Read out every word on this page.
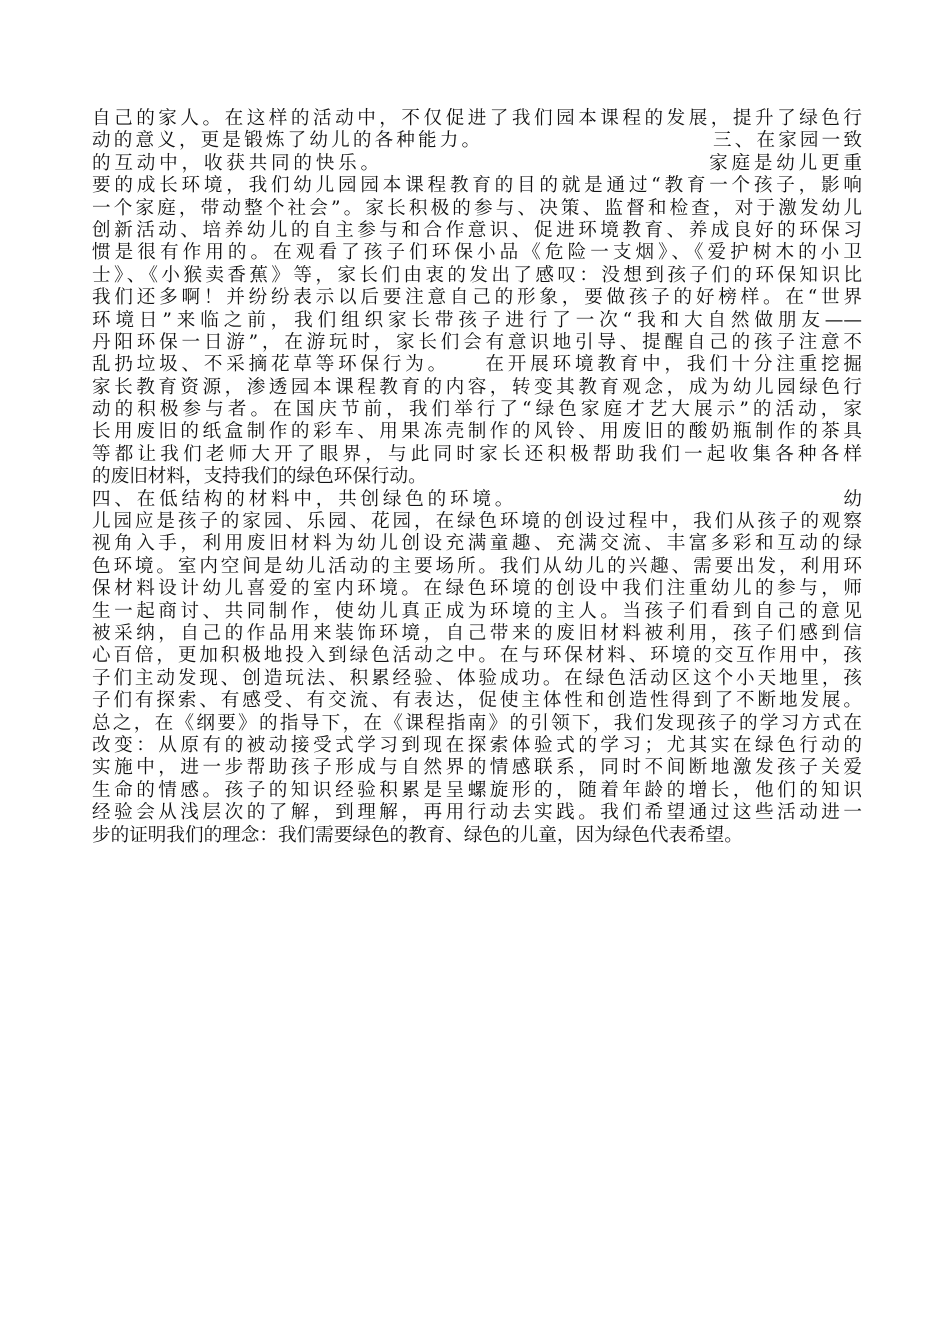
自己的家人。在这样的活动中，不仅促进了我们园本课程的发展，提升了绿色行
动的意义，更是锻炼了幼儿的各种能力。　　　　　　　　　　　三、在家园一致
的互动中，收获共同的快乐。　　　　　　　　　　　　　　　家庭是幼儿更重
要的成长环境，我们幼儿园园本课程教育的目的就是通过“教育一个孩子，影响
一个家庭，带动整个社会”。家长积极的参与、决策、监督和检查，对于激发幼儿
创新活动、培养幼儿的自主参与和合作意识、促进环境教育、养成良好的环保习
惯是很有作用的。在观看了孩子们环保小品《危险一支烟》、《爱护树木的小卫
士》、《小猴卖香蕉》等，家长们由衷的发出了感叹：没想到孩子们的环保知识比
我们还多啊！并纷纷表示以后要注意自己的形象，要做孩子的好榜样。在“世界
环境日”来临之前，我们组织家长带孩子进行了一次“我和大自然做朋友——
丹阳环保一日游”，在游玩时，家长们会有意识地引导、提醒自己的孩子注意不
乱扔垃圾、不采摘花草等环保行为。　　在开展环境教育中，我们十分注重挖掘
家长教育资源，渗透园本课程教育的内容，转变其教育观念，成为幼儿园绿色行
动的积极参与者。在国庆节前，我们举行了“绿色家庭才艺大展示”的活动，家
长用废旧的纸盒制作的彩车、用果冻壳制作的风铃、用废旧的酸奶瓶制作的茶具
等都让我们老师大开了眼界，与此同时家长还积极帮助我们一起收集各种各样
的废旧材料，支持我们的绿色环保行动。
四、在低结构的材料中，共创绿色的环境。　　　　　　　　　　　　　　　幼
儿园应是孩子的家园、乐园、花园，在绿色环境的创设过程中，我们从孩子的观察
视角入手，利用废旧材料为幼儿创设充满童趣、充满交流、丰富多彩和互动的绿
色环境。室内空间是幼儿活动的主要场所。我们从幼儿的兴趣、需要出发，利用环
保材料设计幼儿喜爱的室内环境。在绿色环境的创设中我们注重幼儿的参与，师
生一起商讨、共同制作，使幼儿真正成为环境的主人。当孩子们看到自己的意见
被采纳，自己的作品用来装饰环境，自己带来的废旧材料被利用，孩子们感到信
心百倍，更加积极地投入到绿色活动之中。在与环保材料、环境的交互作用中，孩
子们主动发现、创造玩法、积累经验、体验成功。在绿色活动区这个小天地里，孩
子们有探索、有感受、有交流、有表达，促使主体性和创造性得到了不断地发展。
总之，在《纲要》的指导下，在《课程指南》的引领下，我们发现孩子的学习方式在
改变：从原有的被动接受式学习到现在探索体验式的学习；尤其实在绿色行动的
实施中，进一步帮助孩子形成与自然界的情感联系，同时不间断地激发孩子关爱
生命的情感。孩子的知识经验积累是呈螺旋形的，随着年龄的增长，他们的知识
经验会从浅层次的了解，到理解，再用行动去实践。我们希望通过这些活动进一
步的证明我们的理念：我们需要绿色的教育、绿色的儿童，因为绿色代表希望。
